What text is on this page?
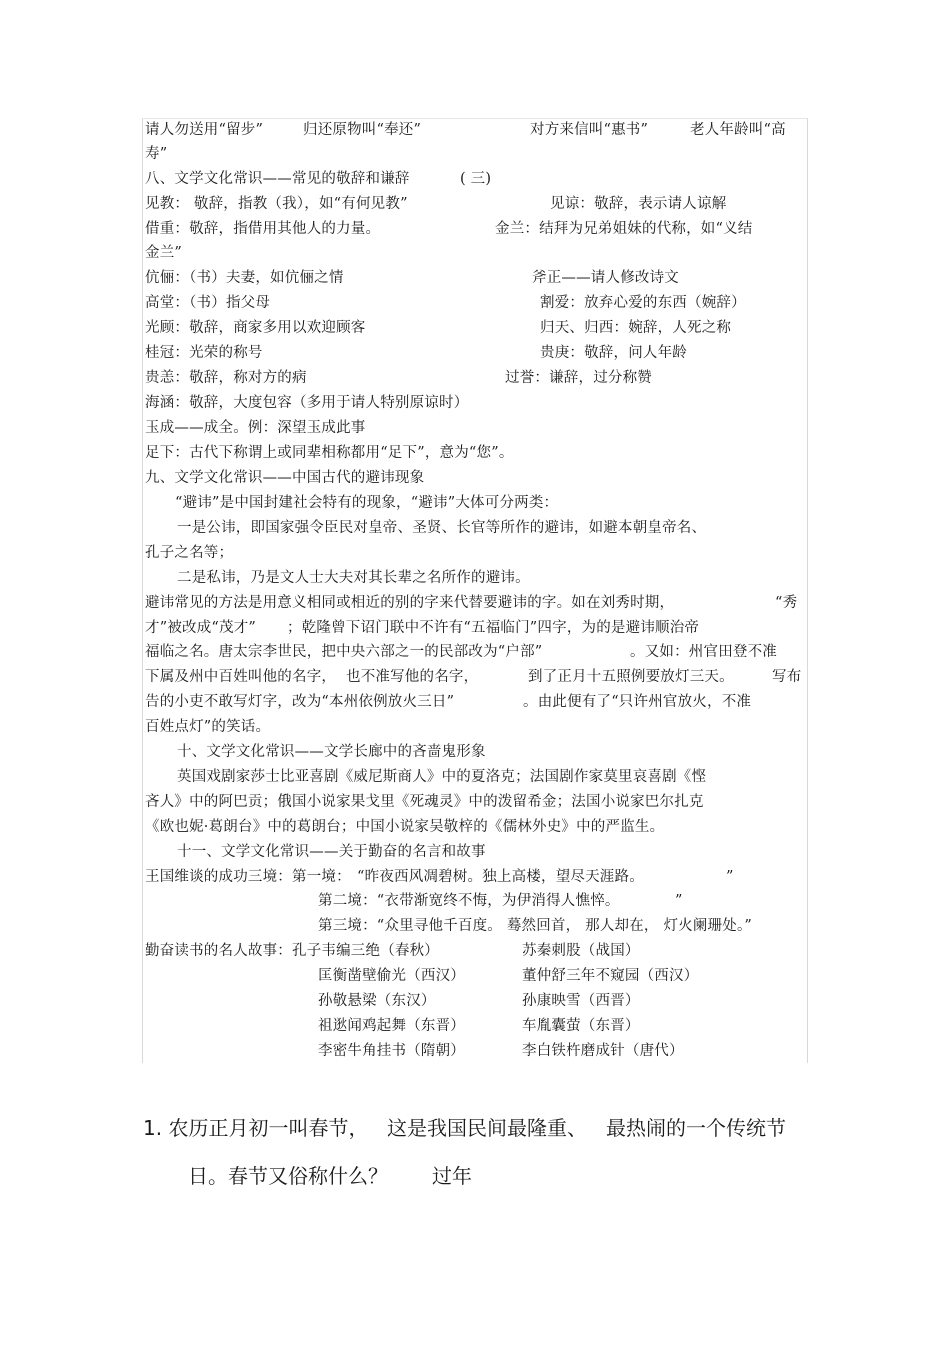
请人勿送用“留步”	归还原物叫“奉还”	对方来信叫“惠书”	老人年龄叫“高
寿”
八、文学文化常识——常见的敬辞和谦辞	( 三)
见教： 敬辞，指教（我），如“有何见教”	见谅：敬辞，表示请人谅解
借重：敬辞，指借用其他人的力量。	金兰：结拜为兄弟姐妹的代称，如“义结
金兰”
伉俪：（书）夫妻，如伉俪之情	斧正——请人修改诗文
高堂：（书）指父母	割爱：放弃心爱的东西（婉辞）
光顾：敬辞，商家多用以欢迎顾客	归天、归西：婉辞，人死之称
桂冠：光荣的称号	贵庚：敬辞，问人年龄
贵恙：敬辞，称对方的病	过誉：谦辞，过分称赞
海涵：敬辞，大度包容（多用于请人特别原谅时）
玉成——成全。例：深望玉成此事
足下：古代下称谓上或同辈相称都用“足下”，意为“您”。
九、文学文化常识——中国古代的避讳现象
“避讳”是中国封建社会特有的现象，“避讳”大体可分两类：
一是公讳，即国家强令臣民对皇帝、圣贤、长官等所作的避讳，如避本朝皇帝名、
孔子之名等；
二是私讳，乃是文人士大夫对其长辈之名所作的避讳。
避讳常见的方法是用意义相同或相近的别的字来代替要避讳的字。如在刘秀时期，	“秀
才”被改成“茂才” ；乾隆曾下诏门联中不许有“五福临门”四字，为的是避讳顺治帝
福临之名。唐太宗李世民，把中央六部之一的民部改为“户部”	。又如：州官田登不准
下属及州中百姓叫他的名字， 也不准写他的名字，	到了正月十五照例要放灯三天。	写布
告的小吏不敢写灯字，改为“本州依例放火三日”	。由此便有了“只许州官放火，不准
百姓点灯”的笑话。
十、文学文化常识——文学长廊中的吝啬鬼形象
英国戏剧家莎士比亚喜剧《威尼斯商人》中的夏洛克；法国剧作家莫里哀喜剧《悭
吝人》中的阿巴贡；俄国小说家果戈里《死魂灵》中的泼留希金；法国小说家巴尔扎克
《欧也妮·葛朗台》中的葛朗台；中国小说家吴敬梓的《儒林外史》中的严监生。
十一、文学文化常识——关于勤奋的名言和故事
王国维谈的成功三境：第一境： “昨夜西风凋碧树。独上高楼，望尽天涯路。	”
第二境：“衣带渐宽终不悔，为伊消得人憔悴。	”
第三境：“众里寻他千百度。 蓦然回首， 那人却在， 灯火阑珊处。”
勤奋读书的名人故事：孔子韦编三绝（春秋）	苏秦刺股（战国）
匡衡凿壁偷光（西汉）	董仲舒三年不窥园（西汉）
孙敬悬梁（东汉）	孙康映雪（西晋）
祖逖闻鸡起舞（东晋）	车胤囊萤（东晋）
李密牛角挂书（隋朝）	李白铁杵磨成针（唐代）
1. 农历正月初一叫春节， 这是我国民间最隆重、 最热闹的一个传统节
日。春节又俗称什么？ 过年
